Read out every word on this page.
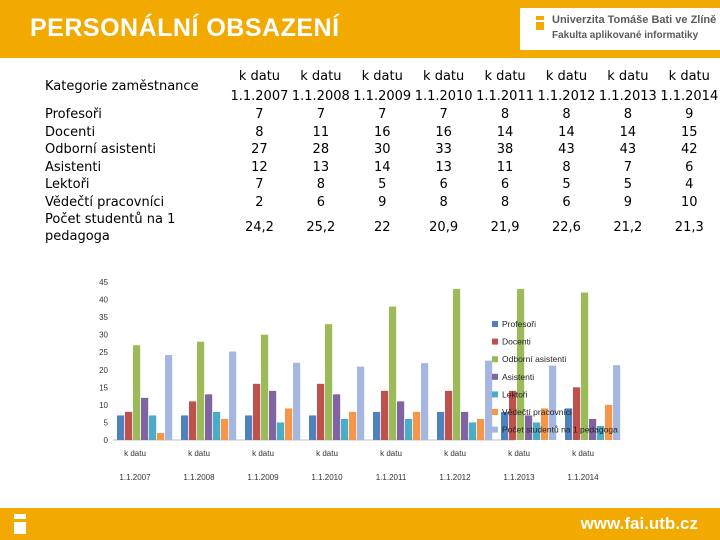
PERSONÁLNÍ OBSAZENÍ	Univerzita Tomáše Bati ve Zlíně
Fakulta aplikované informatiky
Kategorie zaměstnance	k datu	k datu	k datu	k datu	k datu	k datu	k datu	k datu
	1.1.2007	1.1.2008	1.1.2009	1.1.2010	1.1.2011	1.1.2012	1.1.2013	1.1.2014
Profesoři	7	7	7	7	8	8	8	9
Docenti	8	11	16	16	14	14	14	15
Odborní asistenti	27	28	30	33	38	43	43	42
Asistenti	12	13	14	13	11	8	7	6
Lektoři	7	8	5	6	6	5	5	4
Vědečtí pracovníci	2	6	9	8	8	6	9	10

Počet studentů na 1
pedagoga	24,2	25,2	22	20,9	21,9	22,6	21,2	21,3
0
5
10
15
20
25
30
35
40
45
k datu
1.1.2007
k datu
1.1.2008
k datu
1.1.2009
k datu
1.1.2010
k datu
1.1.2011
k datu
1.1.2012
k datu
1.1.2013
k datu
1.1.2014
Profesoři
Docenti
Odborní asistenti
Asistenti
Lektoři
Vědečtí pracovníci
Počet studentů na 1 pedagoga
www.fai.utb.cz
